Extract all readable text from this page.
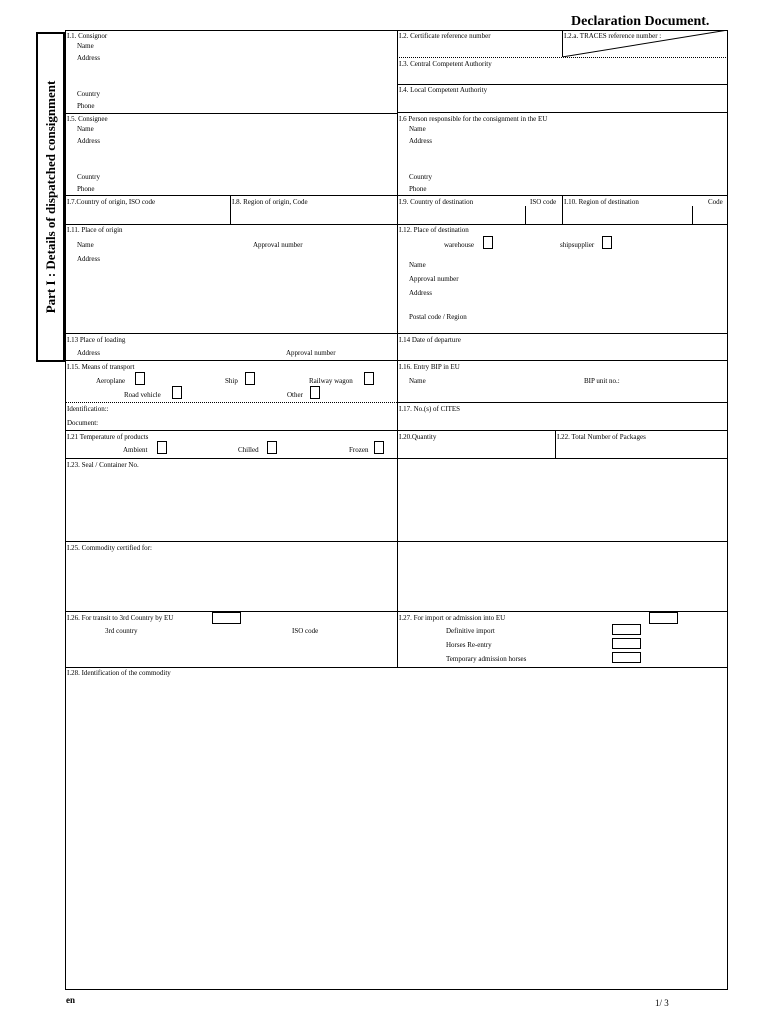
Declaration Document.
Part I : Details of dispatched consignment
I.1. Consignor
Name
Address
Country
Phone
I.2. Certificate reference number	I.2.a. TRACES reference number :
I.3. Central Competent Authority
I.4. Local Competent Authority
I.5. Consignee
Name
Address
Country
Phone
I.6 Person responsible for the consignment in the EU
Name
Address
Country
Phone
I.7.Country of origin, ISO code	I.8. Region of origin, Code	I.9. Country of destination	ISO code I.10. Region of destination	Code
I.11. Place of origin
Name	Approval number
Address
I.12. Place of destination
warehouse	shipsupplier
Name
Approval number
Address
Postal code / Region
I.13 Place of loading
Address	Approval number
I.14 Date of departure
I.15. Means of transport
Aeroplane	Ship	Railway wagon
Road vehicle	Other
Identification::
Document:
I.16. Entry BIP in EU
Name	BIP unit no.:
I.17. No.(s) of CITES
I.21 Temperature of products
Ambient	Chilled	Frozen
I.20.Quantity	I.22. Total Number of Packages
I.23. Seal / Container No.
I.25. Commodity certified for:
I.26. For transit to 3rd Country by EU
3rd country	ISO code
I.27. For import or admission into EU
Definitive import
Horses Re-entry
Temporary admission horses
I.28. Identification of the commodity
en	1/ 3
